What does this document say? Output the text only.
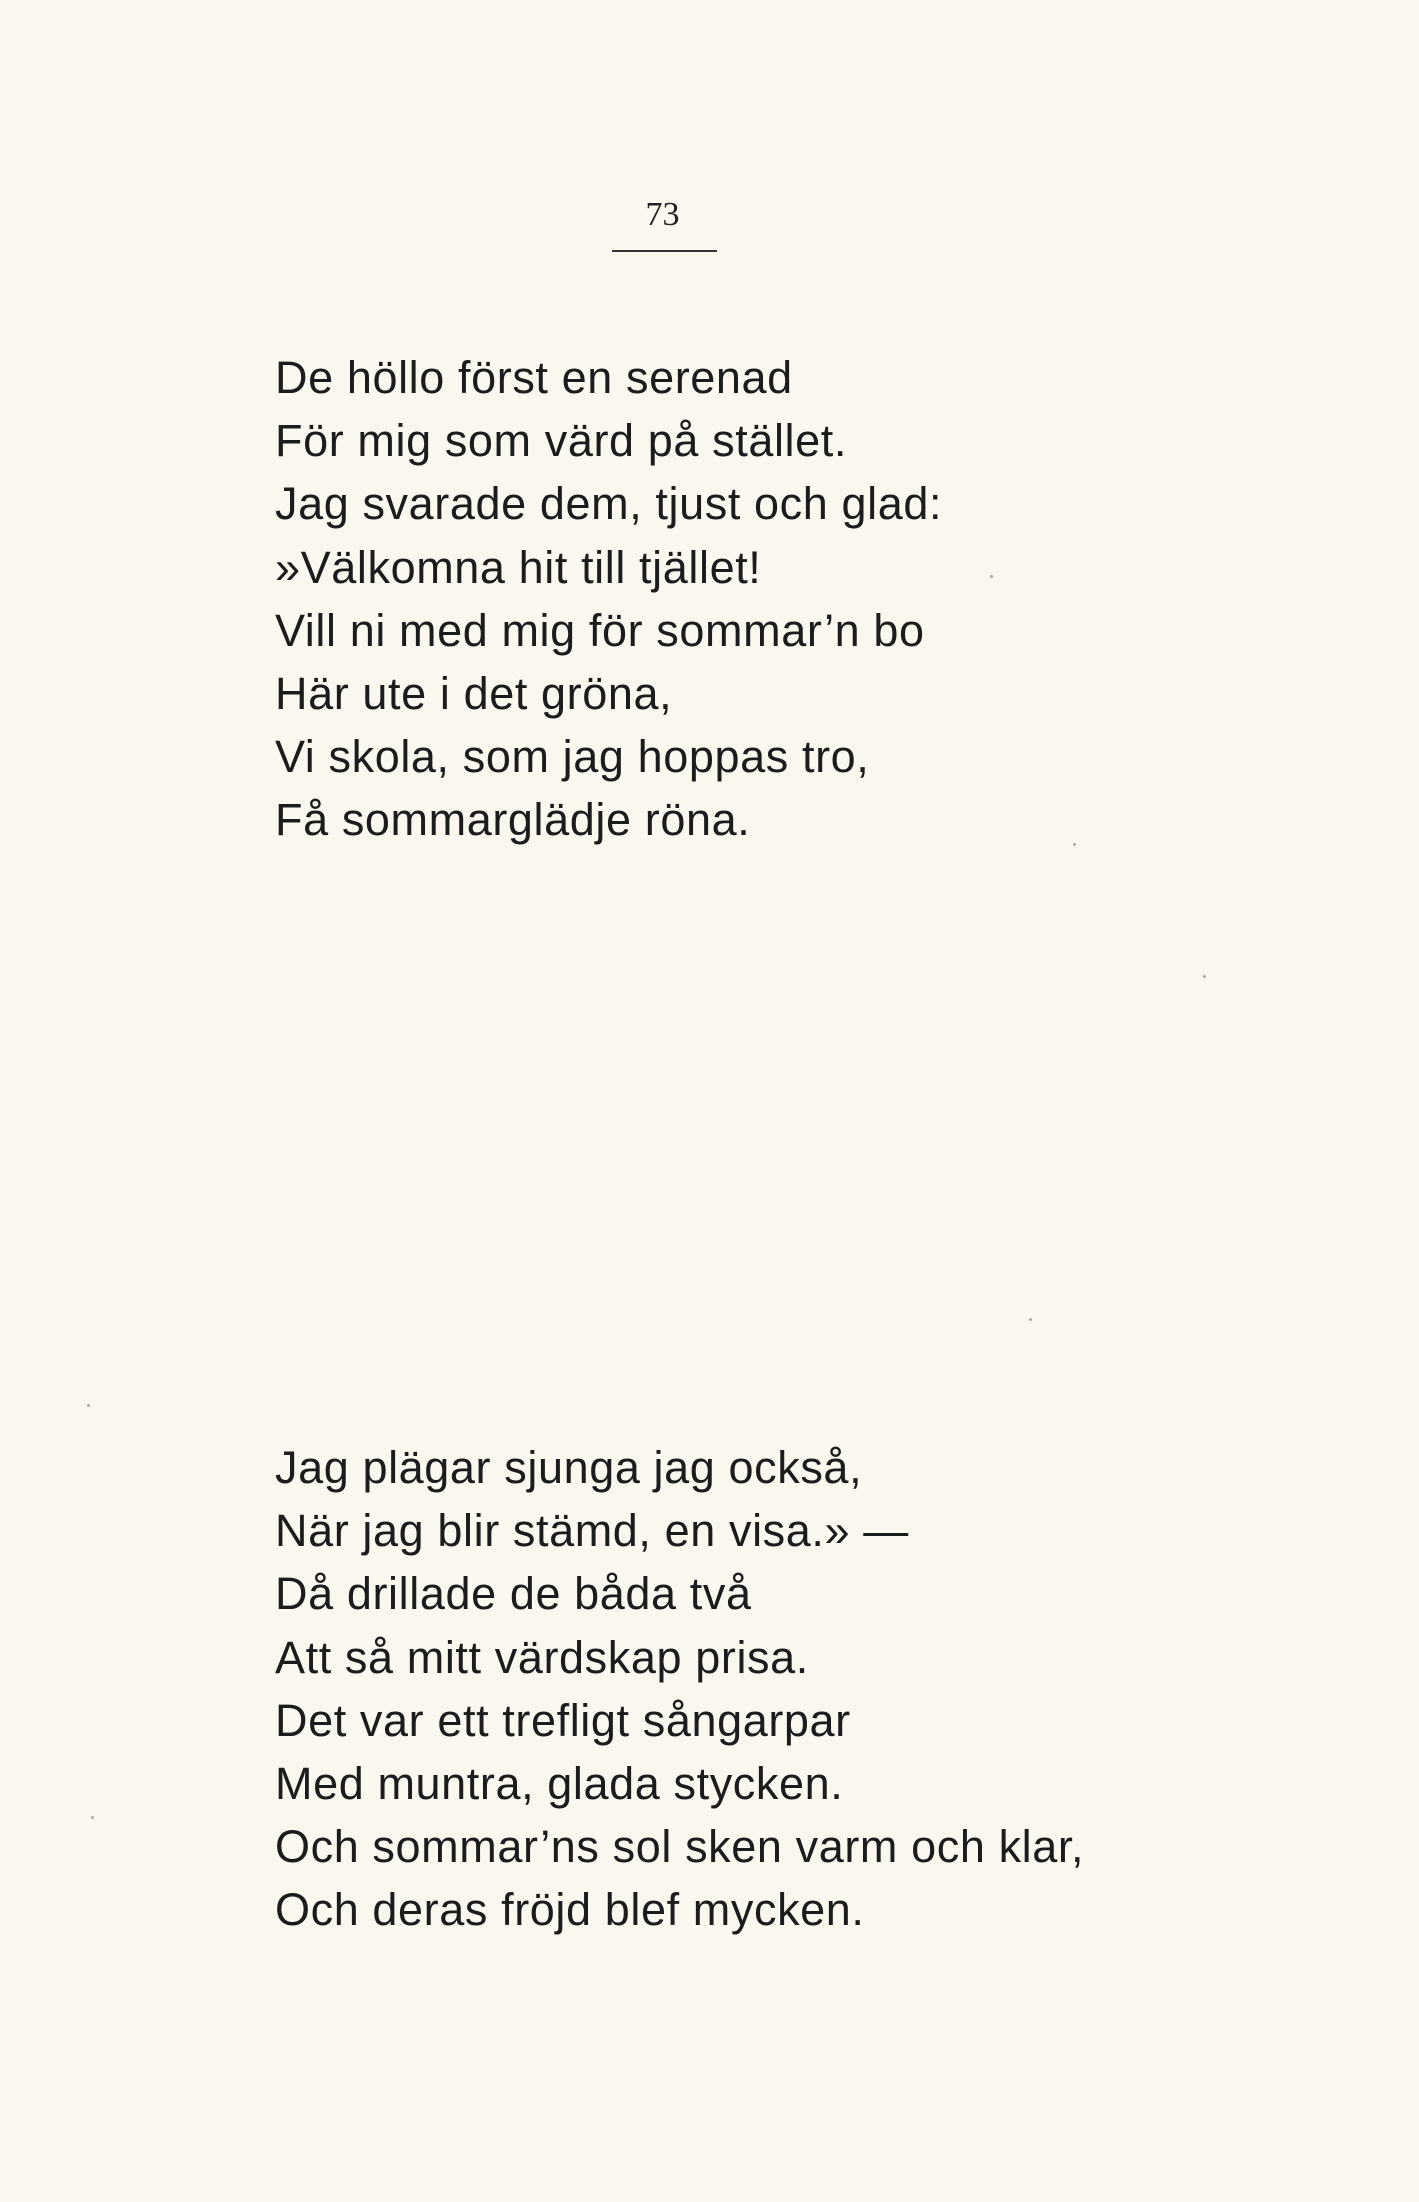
73
De höllo först en serenad
För mig som värd på stället.
Jag svarade dem, tjust och glad:
»Välkomna hit till tjället!
Vill ni med mig för sommar’n bo
Här ute i det gröna,
Vi skola, som jag hoppas tro,
Få sommarglädje röna.
Jag plägar sjunga jag också,
När jag blir stämd, en visa.» —
Då drillade de båda två
Att så mitt värdskap prisa.
Det var ett trefligt sångarpar
Med muntra, glada stycken.
Och sommar’ns sol sken varm och klar,
Och deras fröjd blef mycken.
